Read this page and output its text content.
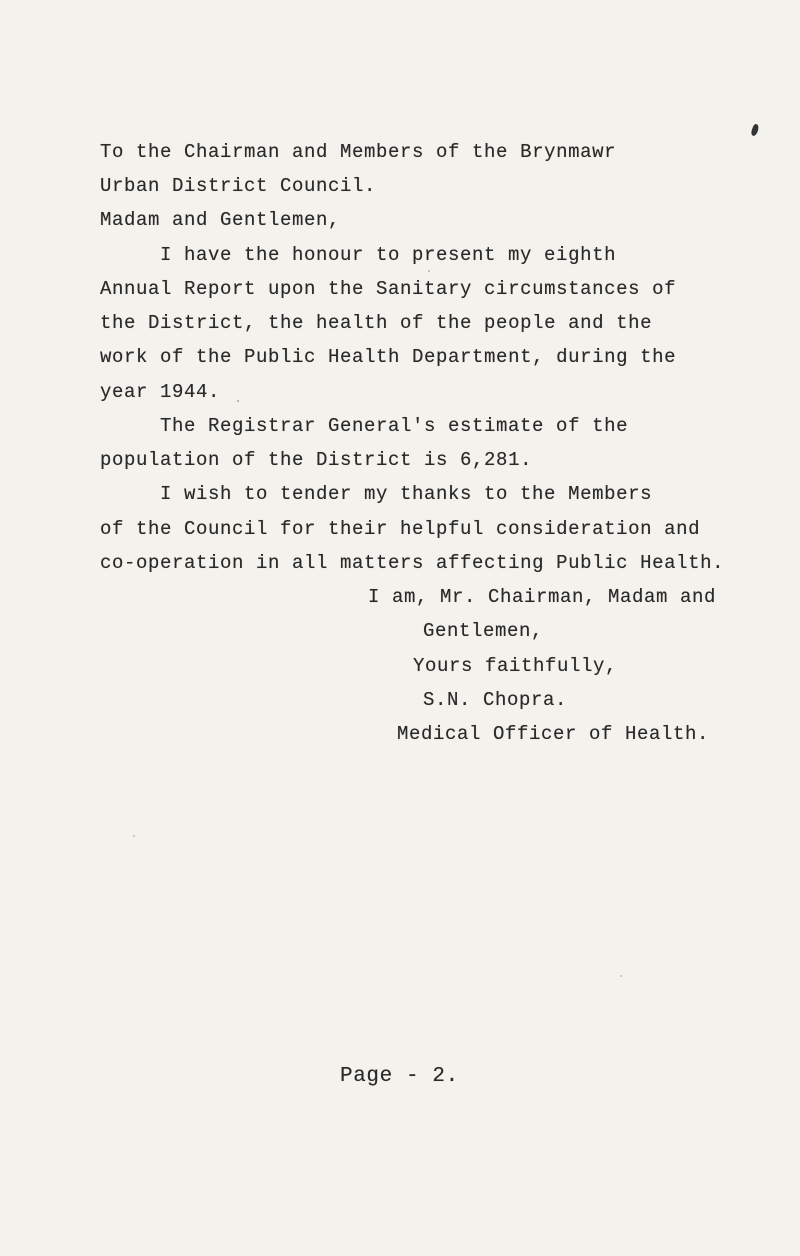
To the Chairman and Members of the Brynmawr
Urban District Council.
Madam and Gentlemen,
I have the honour to present my eighth
Annual Report upon the Sanitary circumstances of
the District, the health of the people and the
work of the Public Health Department, during the
year 1944.
The Registrar General's estimate of the
population of the District is 6,281.
I wish to tender my thanks to the Members
of the Council for their helpful consideration and
co-operation in all matters affecting Public Health.
I am, Mr. Chairman, Madam and
Gentlemen,
Yours faithfully,
S.N. Chopra.
Medical Officer of Health.
Page - 2.
